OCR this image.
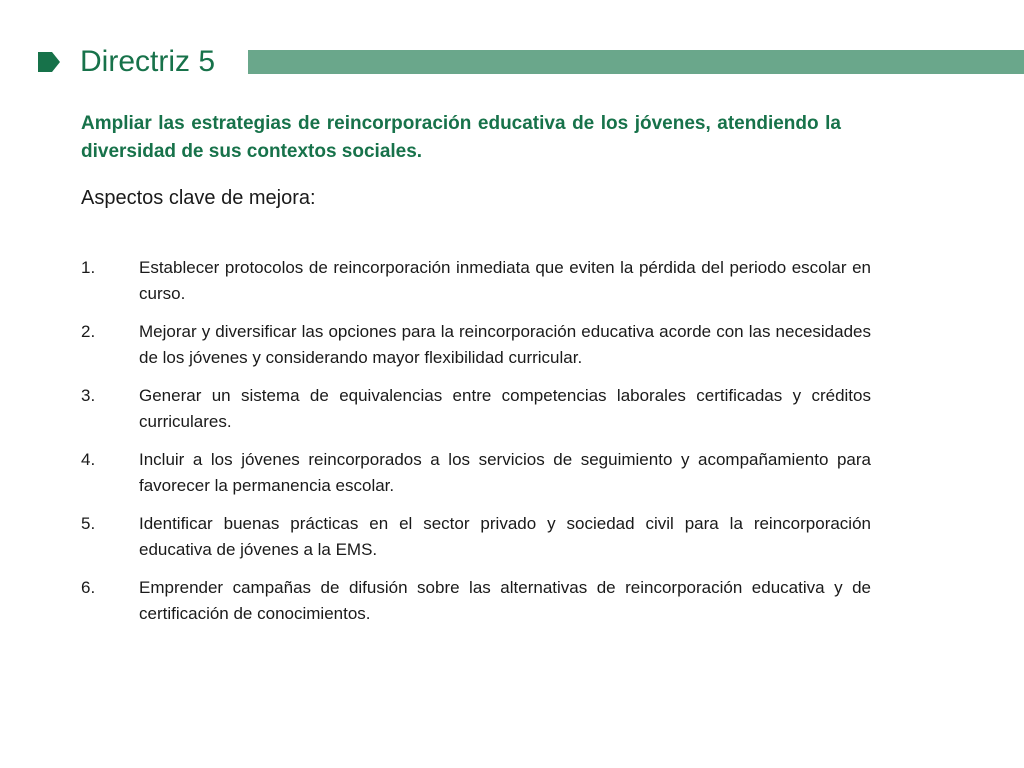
Directriz 5

Ampliar las estrategias de reincorporación educativa de los jóvenes, atendiendo la diversidad de sus contextos sociales.

Aspectos clave de mejora:

1.	Establecer protocolos de reincorporación inmediata que eviten la pérdida del periodo escolar en curso.
2.	Mejorar y diversificar las opciones para la reincorporación educativa acorde con las necesidades de los jóvenes y considerando mayor flexibilidad curricular.
3.	Generar un sistema de equivalencias entre competencias laborales certificadas y créditos curriculares.
4.	Incluir a los jóvenes reincorporados a los servicios de seguimiento y acompañamiento para favorecer la permanencia escolar.
5.	Identificar buenas prácticas en el sector privado y sociedad civil para la reincorporación educativa de jóvenes a la EMS.
6.	Emprender campañas de difusión sobre las alternativas de reincorporación educativa y de certificación de conocimientos.
